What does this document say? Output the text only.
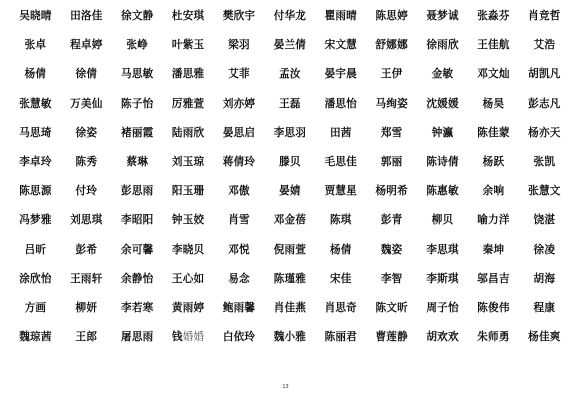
吴晓晴	田洛佳	徐文静	杜安琪	樊欣宇	付华龙	瞿雨晴	陈思婷	聂梦诚	张淼芬	肖竞哲
张卓	程卓婷	张峥	叶紫玉	梁羽	晏兰倩	宋文慧	舒娜娜	徐雨欣	王佳航	艾浩
杨倩	徐倩	马思敏	潘思雅	艾菲	孟汝	晏宇晨	王伊	金敏	邓文灿	胡凯凡
张慧敏	万美仙	陈子怡	厉雅萱	刘亦婷	王磊	潘思怡	马绚姿	沈媛媛	杨昊	彭志凡
马思琦	徐姿	褚丽霞	陆雨欣	晏思启	李思羽	田茜	郑雪	钟瀛	陈佳蒙	杨亦天
李卓玲	陈秀	蔡琳	刘玉琼	蒋倩玲	滕贝	毛思佳	郭丽	陈诗倩	杨跃	张凯
陈思源	付玲	彭思雨	阳玉珊	邓傲	晏婧	贾慧星	杨明希	陈惠敏	余响	张慧文
冯梦雅	刘思琪	李昭阳	钟玉姣	肖雪	邓金蓓	陈琪	彭青	柳贝	喻力洋	饶湛
吕昕	彭希	余可馨	李晓贝	邓悦	倪雨萱	杨倩	魏姿	李思琪	秦坤	徐凌
涂欣怡	王雨轩	余静怡	王心如	易念	陈瑾雅	宋佳	李智	李斯琪	邬昌吉	胡海
方画	柳妍	李若寒	黄雨婷	鲍雨馨	肖佳燕	肖思奇	陈文昕	周子怡	陈俊伟	程康
魏琼茜	王郎	屠思雨	钱 婚婚	白依玲	魏小雅	陈丽君	曹莲静	胡欢欢	朱师勇	杨佳爽
13
